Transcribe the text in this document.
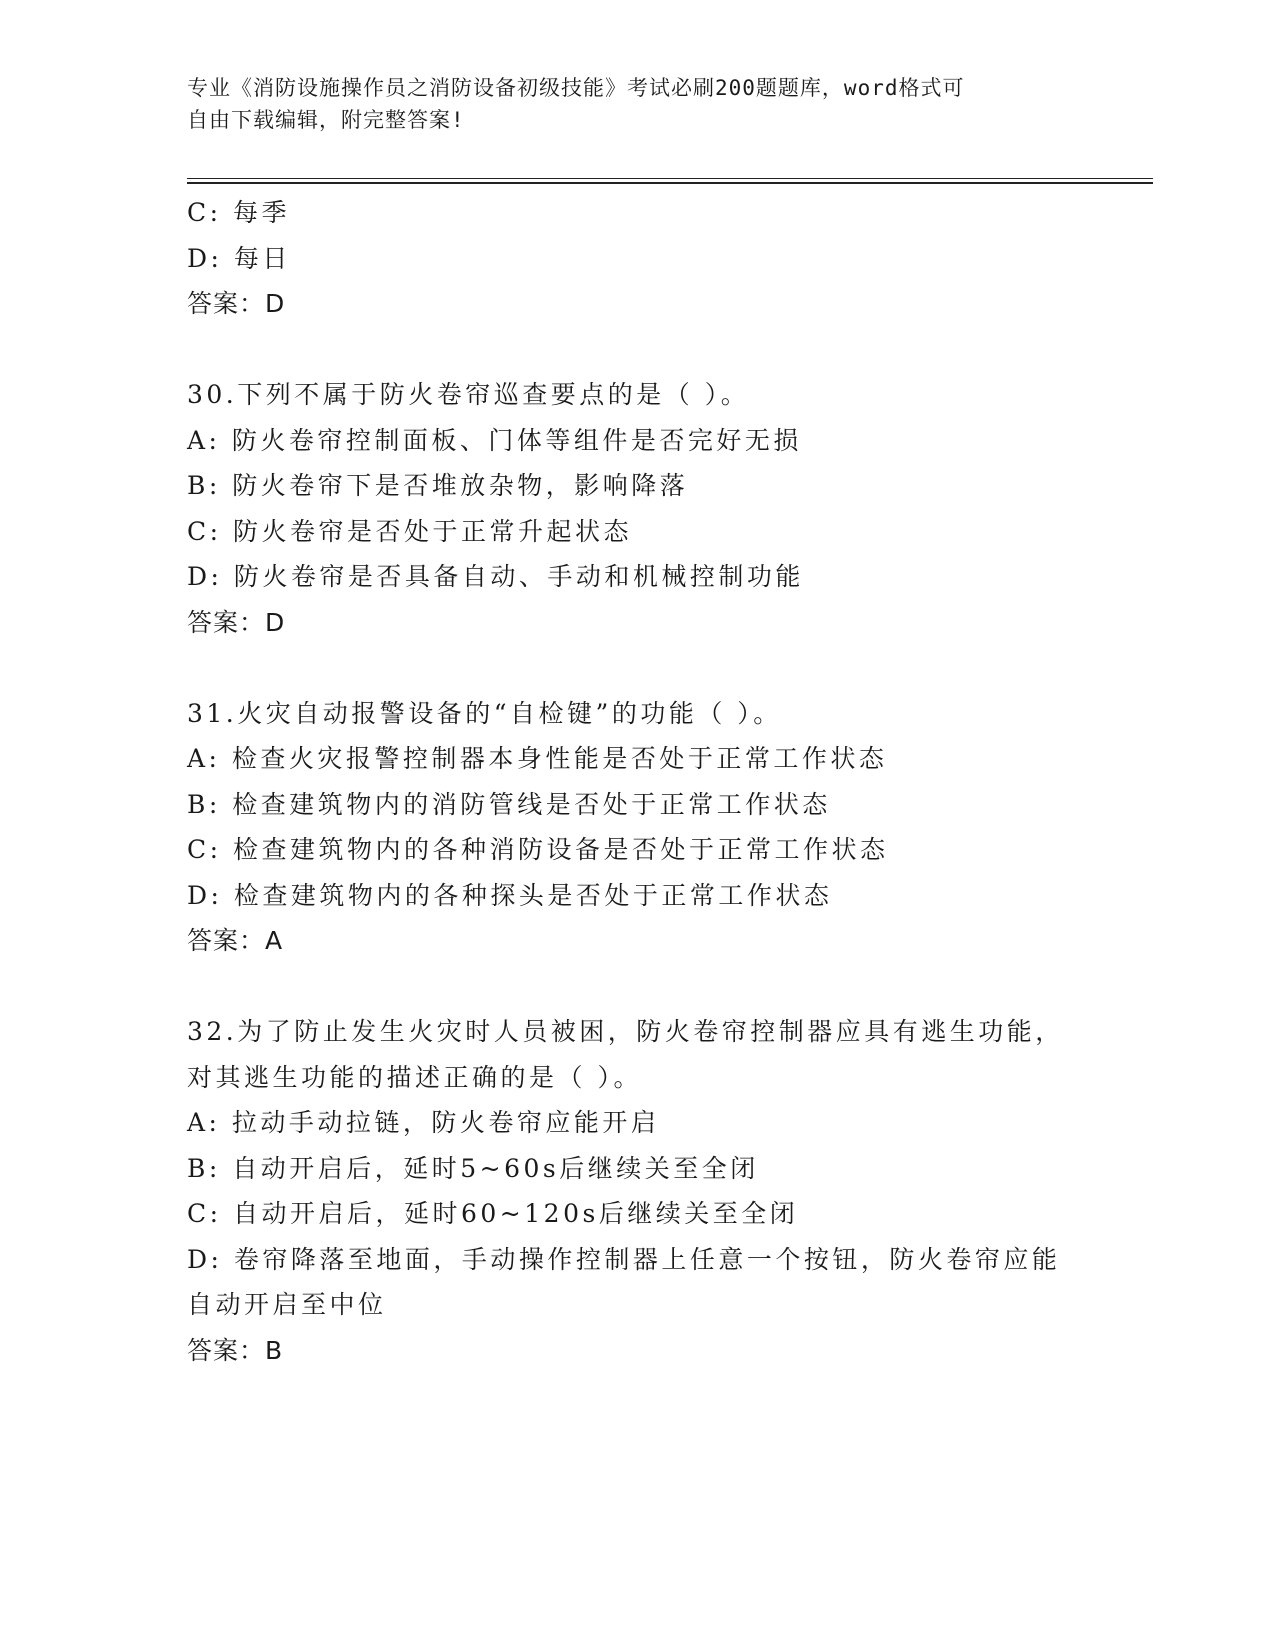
专业《消防设施操作员之消防设备初级技能》考试必刷200题题库，word格式可
自由下载编辑，附完整答案!
C: 每季
D: 每日
答案：D
30.下列不属于防火卷帘巡查要点的是（ ）。
A: 防火卷帘控制面板、门体等组件是否完好无损
B: 防火卷帘下是否堆放杂物，影响降落
C: 防火卷帘是否处于正常升起状态
D: 防火卷帘是否具备自动、手动和机械控制功能
答案：D
31.火灾自动报警设备的“自检键”的功能（ ）。
A: 检查火灾报警控制器本身性能是否处于正常工作状态
B: 检查建筑物内的消防管线是否处于正常工作状态
C: 检查建筑物内的各种消防设备是否处于正常工作状态
D: 检查建筑物内的各种探头是否处于正常工作状态
答案：A
32.为了防止发生火灾时人员被困，防火卷帘控制器应具有逃生功能，
对其逃生功能的描述正确的是（ ）。
A: 拉动手动拉链，防火卷帘应能开启
B: 自动开启后，延时5~60s后继续关至全闭
C: 自动开启后，延时60~120s后继续关至全闭
D: 卷帘降落至地面，手动操作控制器上任意一个按钮，防火卷帘应能
自动开启至中位
答案：B
